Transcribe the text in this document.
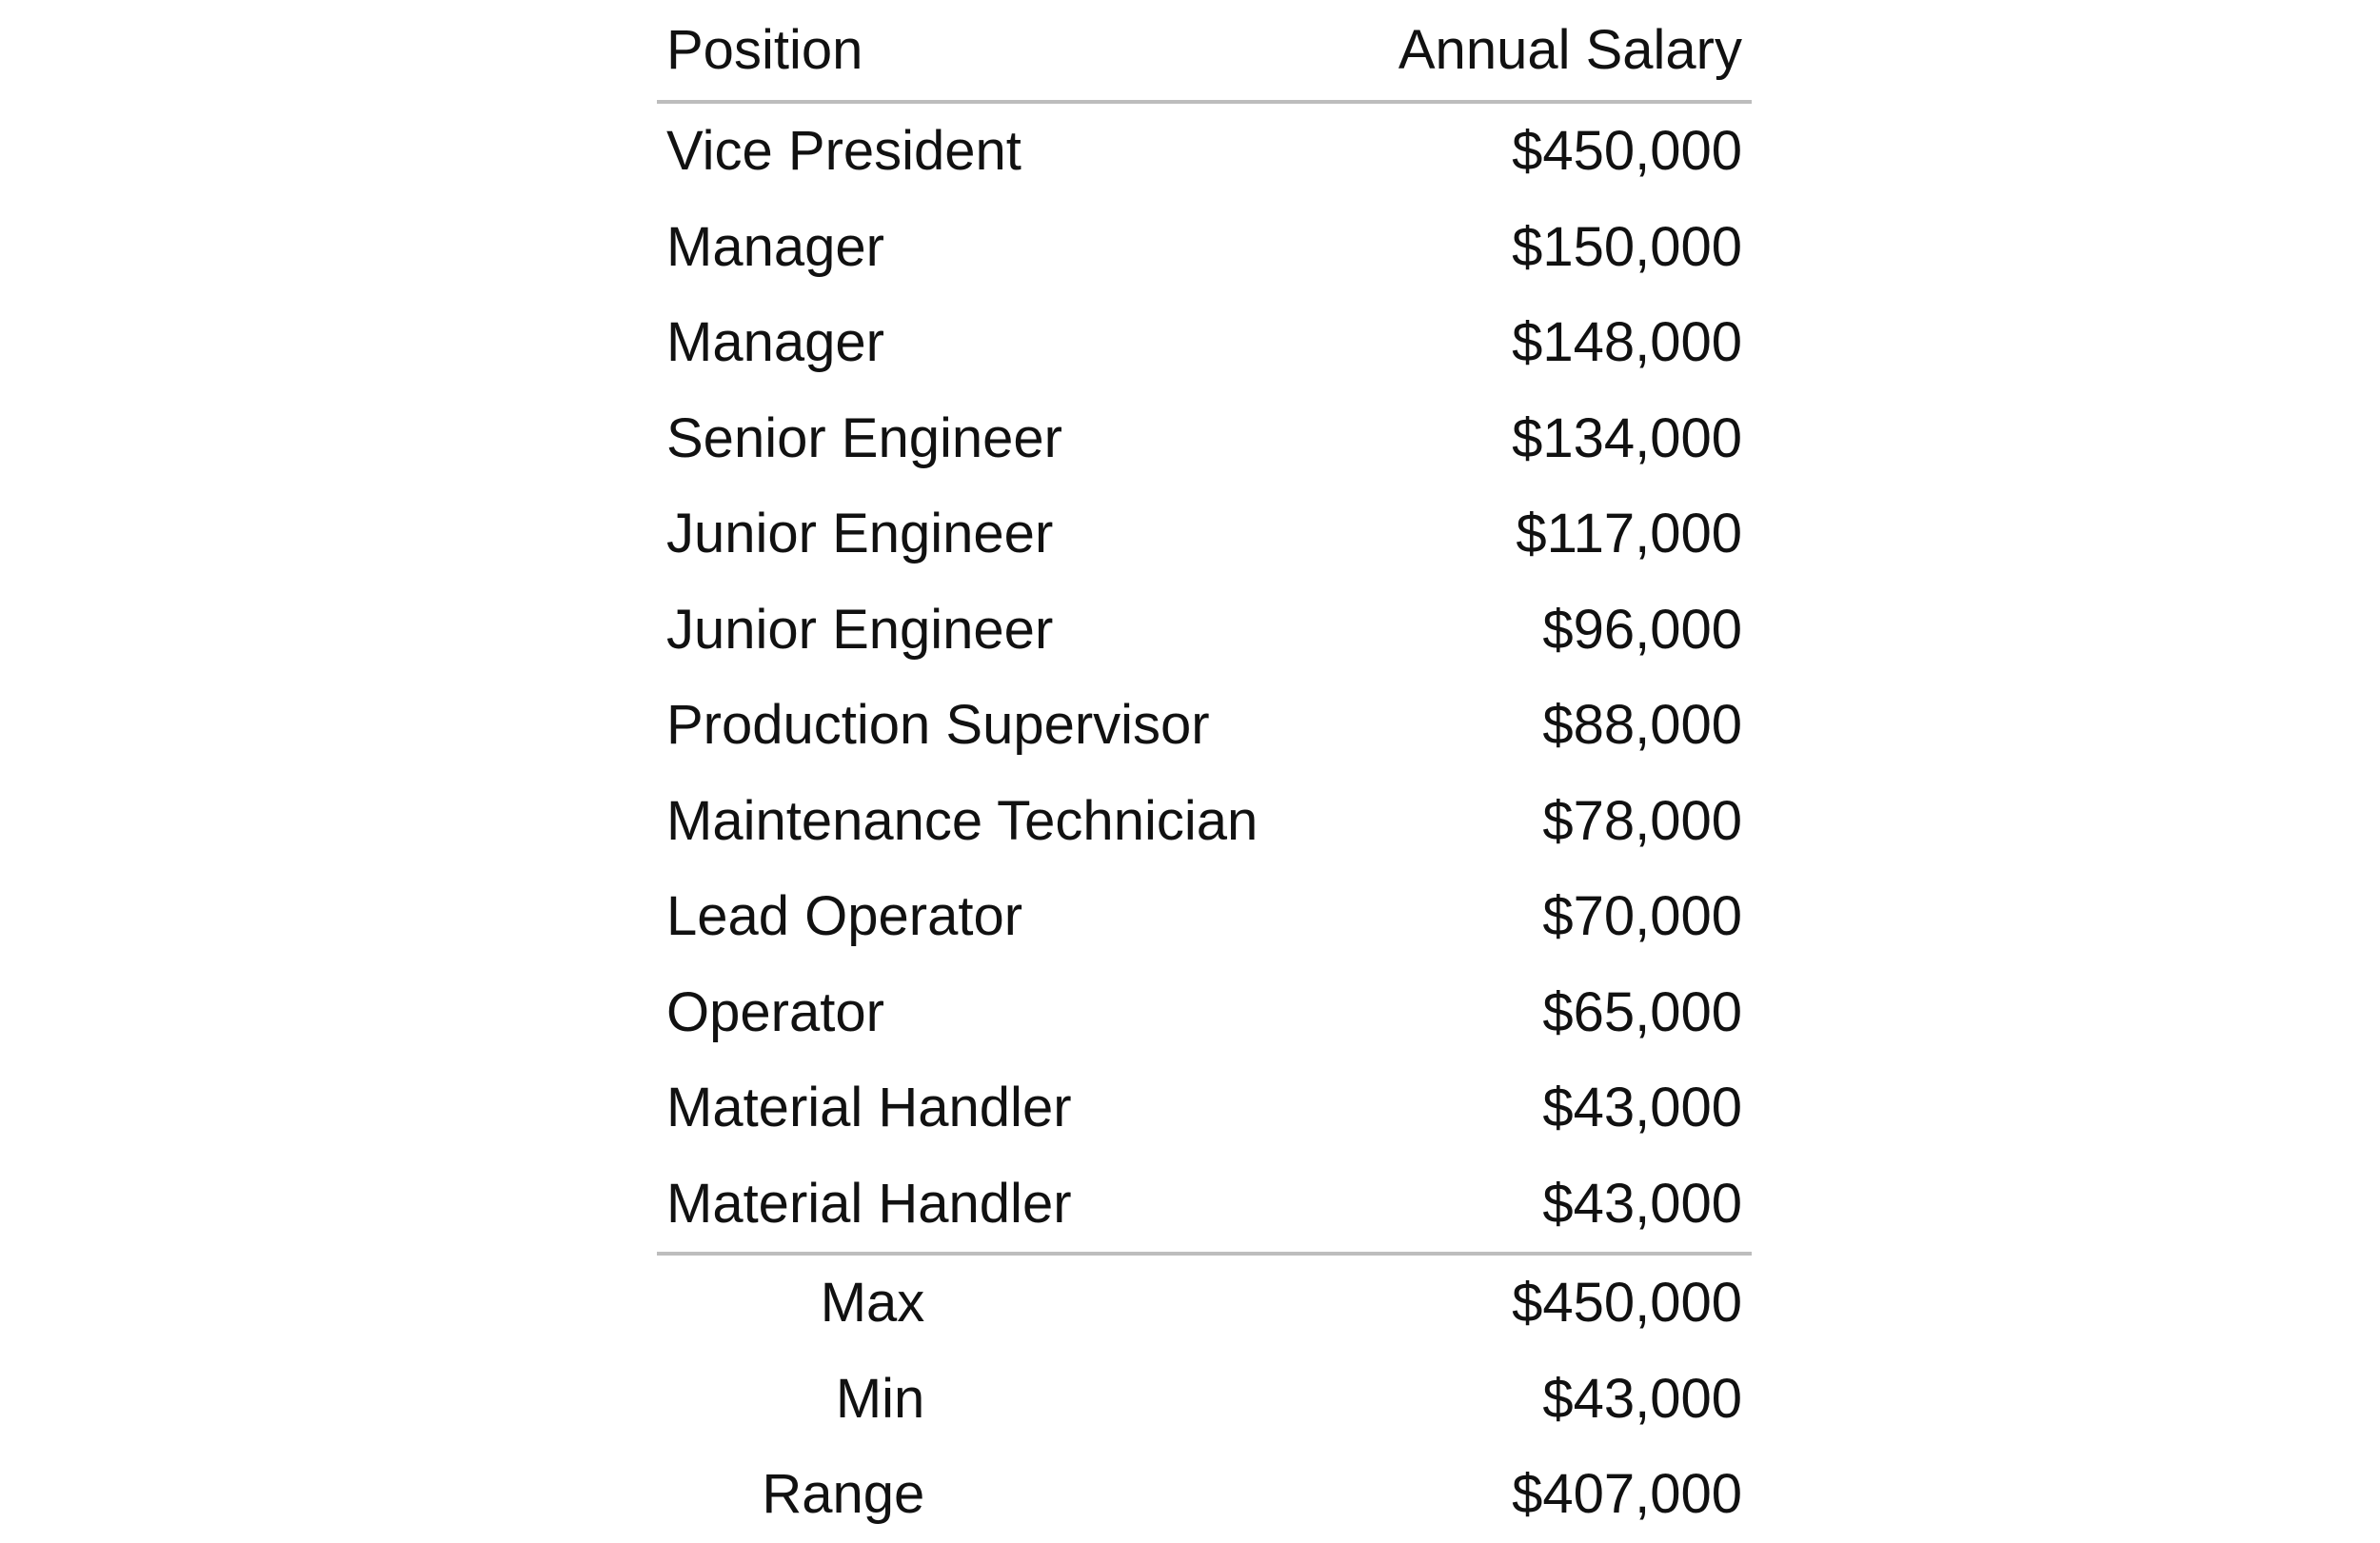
Position	Annual Salary
Vice President	$450,000
Manager	$150,000
Manager	$148,000
Senior Engineer	$134,000
Junior Engineer	$117,000
Junior Engineer	$96,000
Production Supervisor	$88,000
Maintenance Technician	$78,000
Lead Operator	$70,000
Operator	$65,000
Material Handler	$43,000
Material Handler	$43,000
Max	$450,000
Min	$43,000
Range	$407,000
